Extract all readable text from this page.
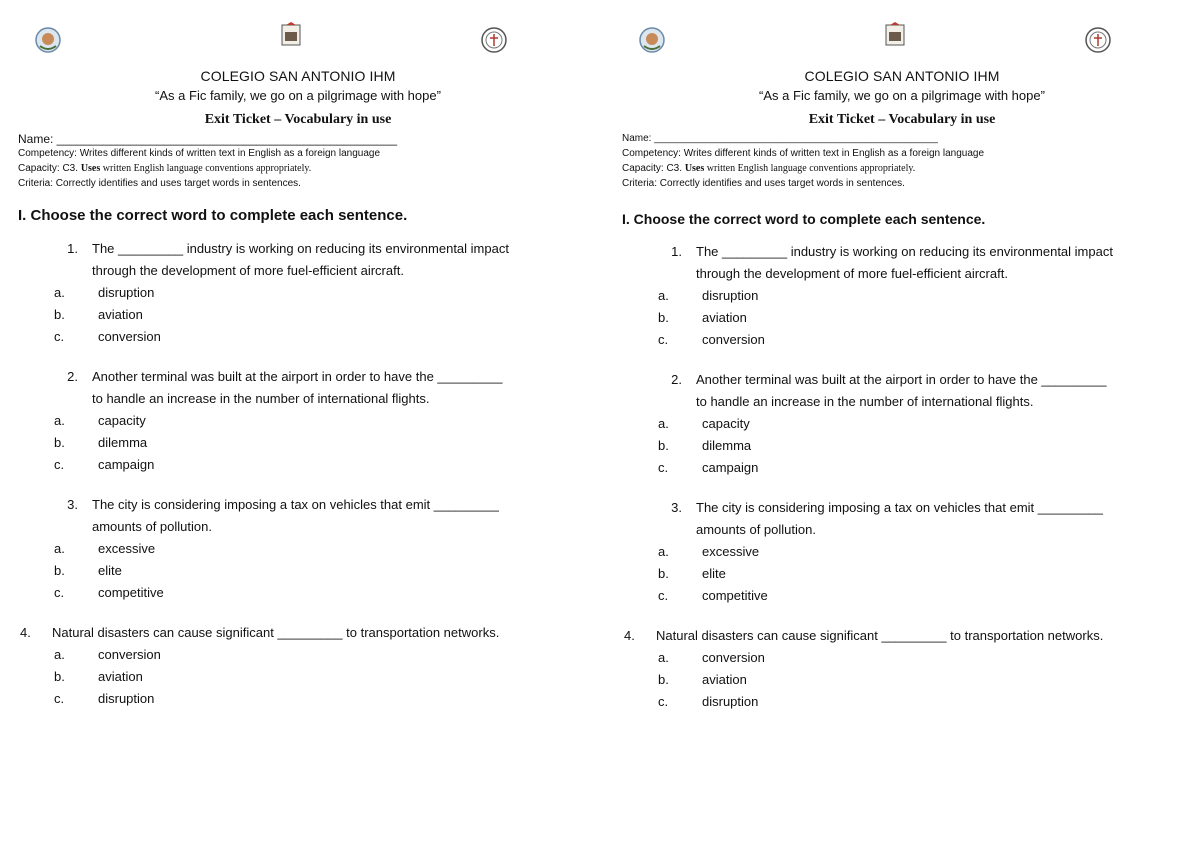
COLEGIO SAN ANTONIO IHM
“As a Fic family, we go on a pilgrimage with hope”
Exit Ticket – Vocabulary in use
Name: ___________________________________________________
Competency: Writes different kinds of written text in English as a foreign language
Capacity: C3. Uses written English language conventions appropriately.
Criteria: Correctly identifies and uses target words in sentences.
I. Choose the correct word to complete each sentence.
1.	The _________ industry is working on reducing its environmental impact
through the development of more fuel-efficient aircraft.
a.	disruption
b.	aviation
c.	conversion
2.	Another terminal was built at the airport in order to have the _________
to handle an increase in the number of international flights.
a.	capacity
b.	dilemma
c.	campaign
3.	The city is considering imposing a tax on vehicles that emit _________
amounts of pollution.
a.	excessive
b.	elite
c.	competitive
4.	Natural disasters can cause significant _________ to transportation networks.
a.	conversion
b.	aviation
c.	disruption
COLEGIO SAN ANTONIO IHM
“As a Fic family, we go on a pilgrimage with hope”
Exit Ticket – Vocabulary in use
Name: ___________________________________________________
Competency: Writes different kinds of written text in English as a foreign language
Capacity: C3. Uses written English language conventions appropriately.
Criteria: Correctly identifies and uses target words in sentences.
I. Choose the correct word to complete each sentence.
1.	The _________ industry is working on reducing its environmental impact
through the development of more fuel-efficient aircraft.
a.	disruption
b.	aviation
c.	conversion
2.	Another terminal was built at the airport in order to have the _________
to handle an increase in the number of international flights.
a.	capacity
b.	dilemma
c.	campaign
3.	The city is considering imposing a tax on vehicles that emit _________
amounts of pollution.
a.	excessive
b.	elite
c.	competitive
4.	Natural disasters can cause significant _________ to transportation networks.
a.	conversion
b.	aviation
c.	disruption
